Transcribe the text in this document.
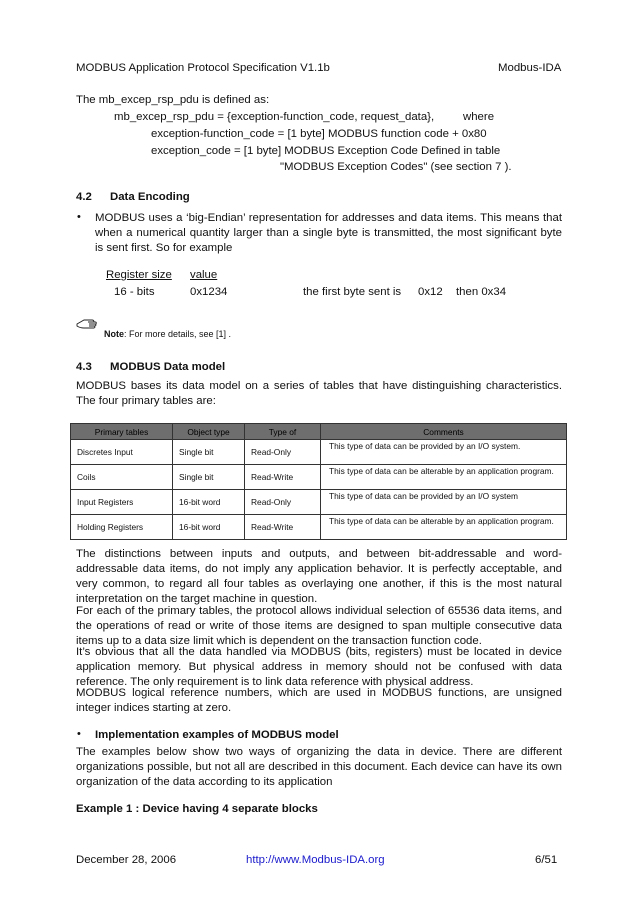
MODBUS Application Protocol Specification V1.1b	Modbus-IDA
The mb_excep_rsp_pdu is defined as:
mb_excep_rsp_pdu = {exception-function_code, request_data},	where
exception-function_code = [1 byte] MODBUS function code + 0x80
exception_code = [1 byte] MODBUS Exception Code Defined in table
"MODBUS Exception Codes" (see section 7 ).
4.2 Data Encoding
• MODBUS uses a ‘big-Endian’ representation for addresses and data items. This means that when a numerical quantity larger than a single byte is transmitted, the most significant byte is sent first. So for example
Register size value
16 - bits	0x1234	the first byte sent is 0x12 then 0x34
Note: For more details, see [1] .
4.3 MODBUS Data model
MODBUS bases its data model on a series of tables that have distinguishing characteristics. The four primary tables are:
Primary tables	Object type	Type of	Comments
Discretes Input	Single bit	Read-Only	This type of data can be provided by an I/O system.
Coils	Single bit	Read-Write	This type of data can be alterable by an application program.
Input Registers	16-bit word	Read-Only	This type of data can be provided by an I/O system
Holding Registers	16-bit word	Read-Write	This type of data can be alterable by an application program.
The distinctions between inputs and outputs, and between bit-addressable and word-addressable data items, do not imply any application behavior. It is perfectly acceptable, and very common, to regard all four tables as overlaying one another, if this is the most natural interpretation on the target machine in question.
For each of the primary tables, the protocol allows individual selection of 65536 data items, and the operations of read or write of those items are designed to span multiple consecutive data items up to a data size limit which is dependent on the transaction function code.
It’s obvious that all the data handled via MODBUS (bits, registers) must be located in device application memory. But physical address in memory should not be confused with data reference. The only requirement is to link data reference with physical address.
MODBUS logical reference numbers, which are used in MODBUS functions, are unsigned integer indices starting at zero.
• Implementation examples of MODBUS model
The examples below show two ways of organizing the data in device. There are different organizations possible, but not all are described in this document. Each device can have its own organization of the data according to its application
Example 1 : Device having 4 separate blocks
December 28, 2006	http://www.Modbus-IDA.org	6/51
